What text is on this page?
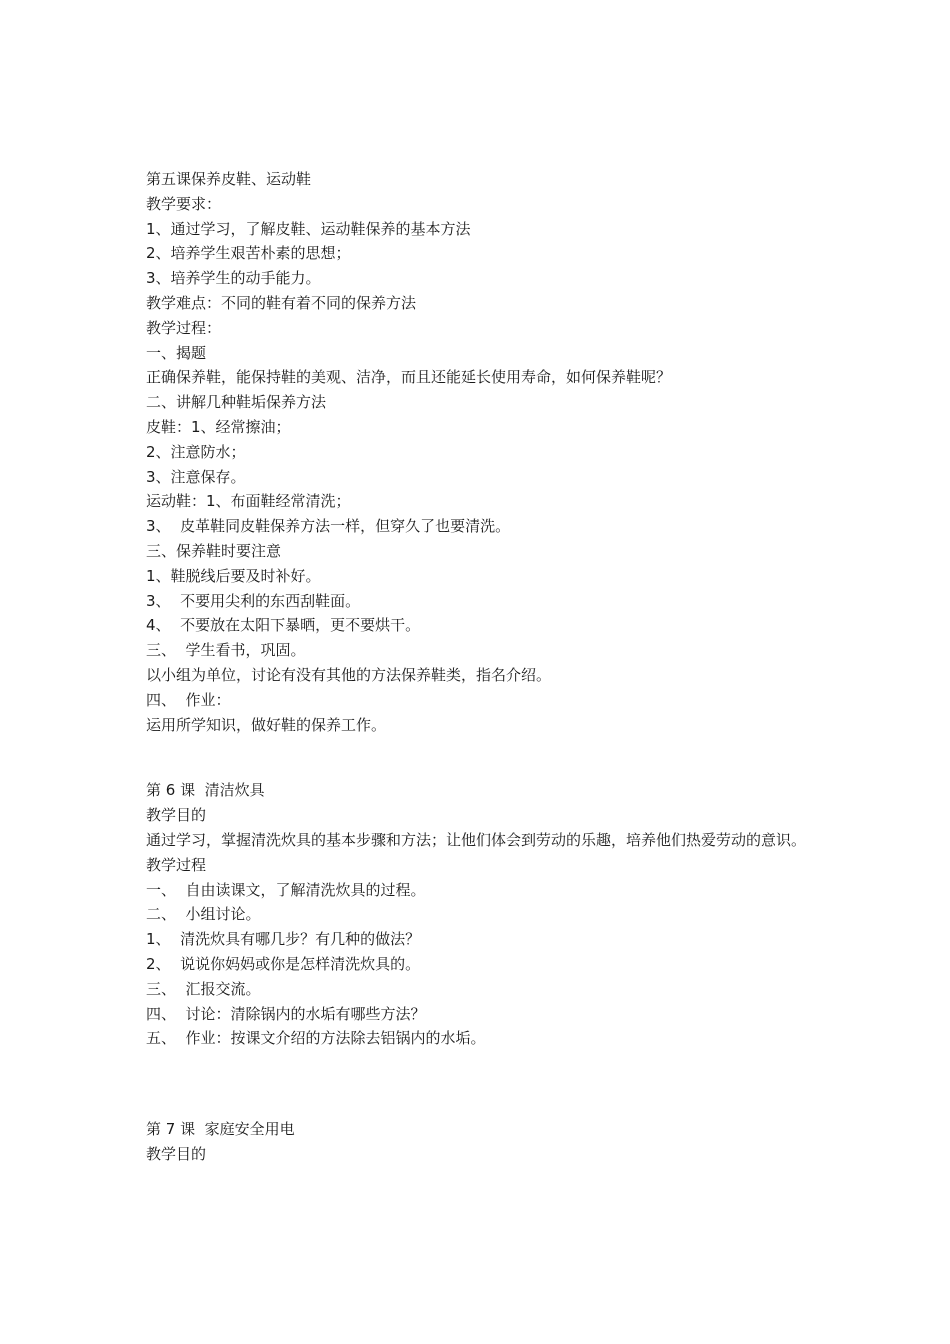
第五课保养皮鞋、运动鞋
教学要求：
1、通过学习，了解皮鞋、运动鞋保养的基本方法
2、培养学生艰苦朴素的思想；
3、培养学生的动手能力。
教学难点：不同的鞋有着不同的保养方法
教学过程：
一、揭题
正确保养鞋，能保持鞋的美观、洁净，而且还能延长使用寿命，如何保养鞋呢？
二、讲解几种鞋垢保养方法
皮鞋：1、经常擦油；
2、注意防水；
3、注意保存。
运动鞋：1、布面鞋经常清洗；
3、  皮革鞋同皮鞋保养方法一样，但穿久了也要清洗。
三、保养鞋时要注意
1、鞋脱线后要及时补好。
3、  不要用尖利的东西刮鞋面。
4、  不要放在太阳下暴晒，更不要烘干。
三、  学生看书，巩固。
以小组为单位，讨论有没有其他的方法保养鞋类，指名介绍。
四、  作业：
运用所学知识，做好鞋的保养工作。
第 6 课  清洁炊具
教学目的
通过学习，掌握清洗炊具的基本步骤和方法；让他们体会到劳动的乐趣，培养他们热爱劳动的意识。
教学过程
一、  自由读课文，了解清洗炊具的过程。
二、  小组讨论。
1、  清洗炊具有哪几步？有几种的做法？
2、  说说你妈妈或你是怎样清洗炊具的。
三、  汇报交流。
四、  讨论：清除锅内的水垢有哪些方法？
五、  作业：按课文介绍的方法除去铝锅内的水垢。
第 7 课  家庭安全用电
教学目的
